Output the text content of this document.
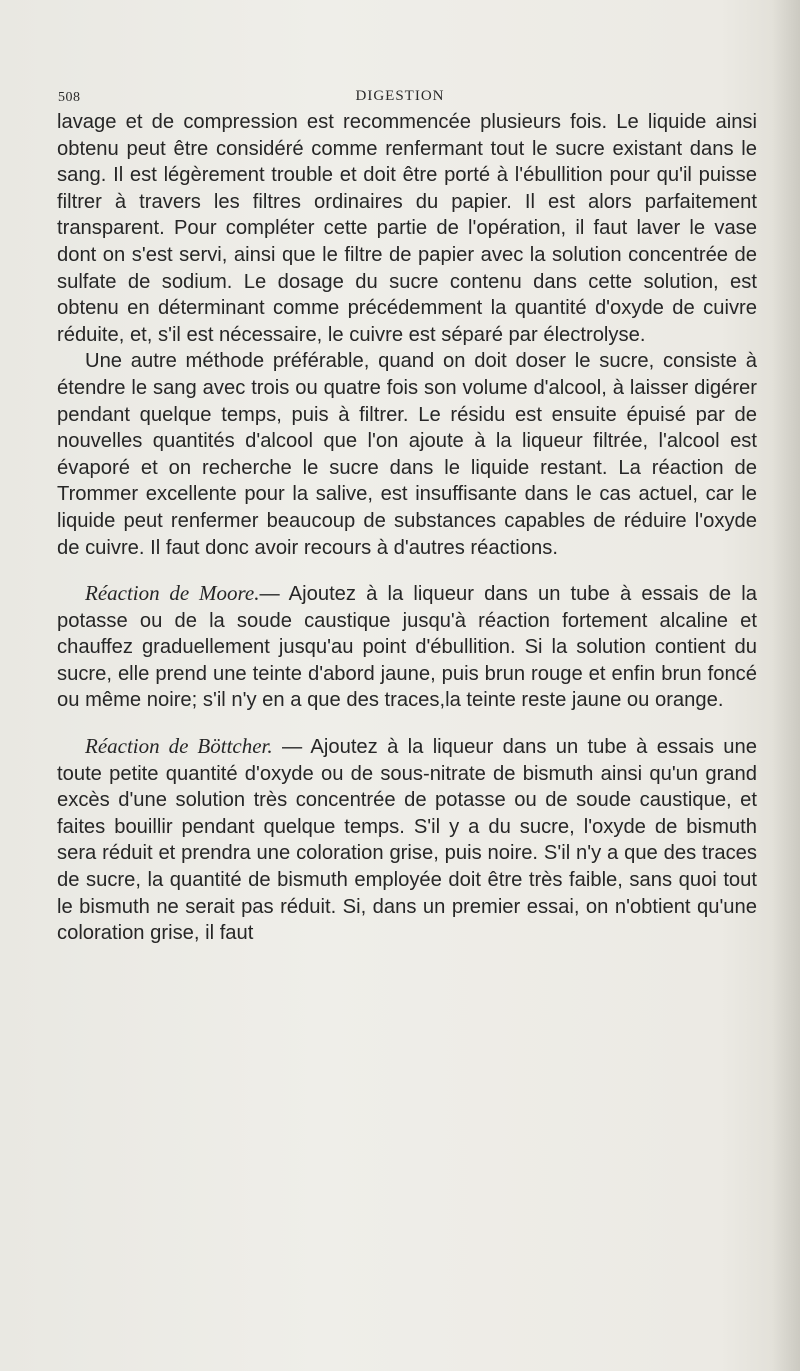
508	DIGESTION

lavage et de compression est recommencée plusieurs fois. Le liquide ainsi obtenu peut être considéré comme renfermant tout le sucre existant dans le sang. Il est légèrement trouble et doit être porté à l'ébullition pour qu'il puisse filtrer à travers les filtres ordinaires du papier. Il est alors parfaitement transparent. Pour compléter cette partie de l'opération, il faut laver le vase dont on s'est servi, ainsi que le filtre de papier avec la solution concentrée de sulfate de sodium. Le dosage du sucre contenu dans cette solution, est obtenu en déterminant comme précédemment la quantité d'oxyde de cuivre réduite, et, s'il est nécessaire, le cuivre est séparé par électrolyse.

Une autre méthode préférable, quand on doit doser le sucre, consiste à étendre le sang avec trois ou quatre fois son volume d'alcool, à laisser digérer pendant quelque temps, puis à filtrer. Le résidu est ensuite épuisé par de nouvelles quantités d'alcool que l'on ajoute à la liqueur filtrée, l'alcool est évaporé et on recherche le sucre dans le liquide restant. La réaction de Trommer excellente pour la salive, est insuffisante dans le cas actuel, car le liquide peut renfermer beaucoup de substances capables de réduire l'oxyde de cuivre. Il faut donc avoir recours à d'autres réactions.

Réaction de Moore.— Ajoutez à la liqueur dans un tube à essais de la potasse ou de la soude caustique jusqu'à réaction fortement alcaline et chauffez graduellement jusqu'au point d'ébullition. Si la solution contient du sucre, elle prend une teinte d'abord jaune, puis brun rouge et enfin brun foncé ou même noire; s'il n'y en a que des traces,la teinte reste jaune ou orange.

Réaction de Böttcher. — Ajoutez à la liqueur dans un tube à essais une toute petite quantité d'oxyde ou de sous-nitrate de bismuth ainsi qu'un grand excès d'une solution très concentrée de potasse ou de soude caustique, et faites bouillir pendant quelque temps. S'il y a du sucre, l'oxyde de bismuth sera réduit et prendra une coloration grise, puis noire. S'il n'y a que des traces de sucre, la quantité de bismuth employée doit être très faible, sans quoi tout le bismuth ne serait pas réduit. Si, dans un premier essai, on n'obtient qu'une coloration grise, il faut
